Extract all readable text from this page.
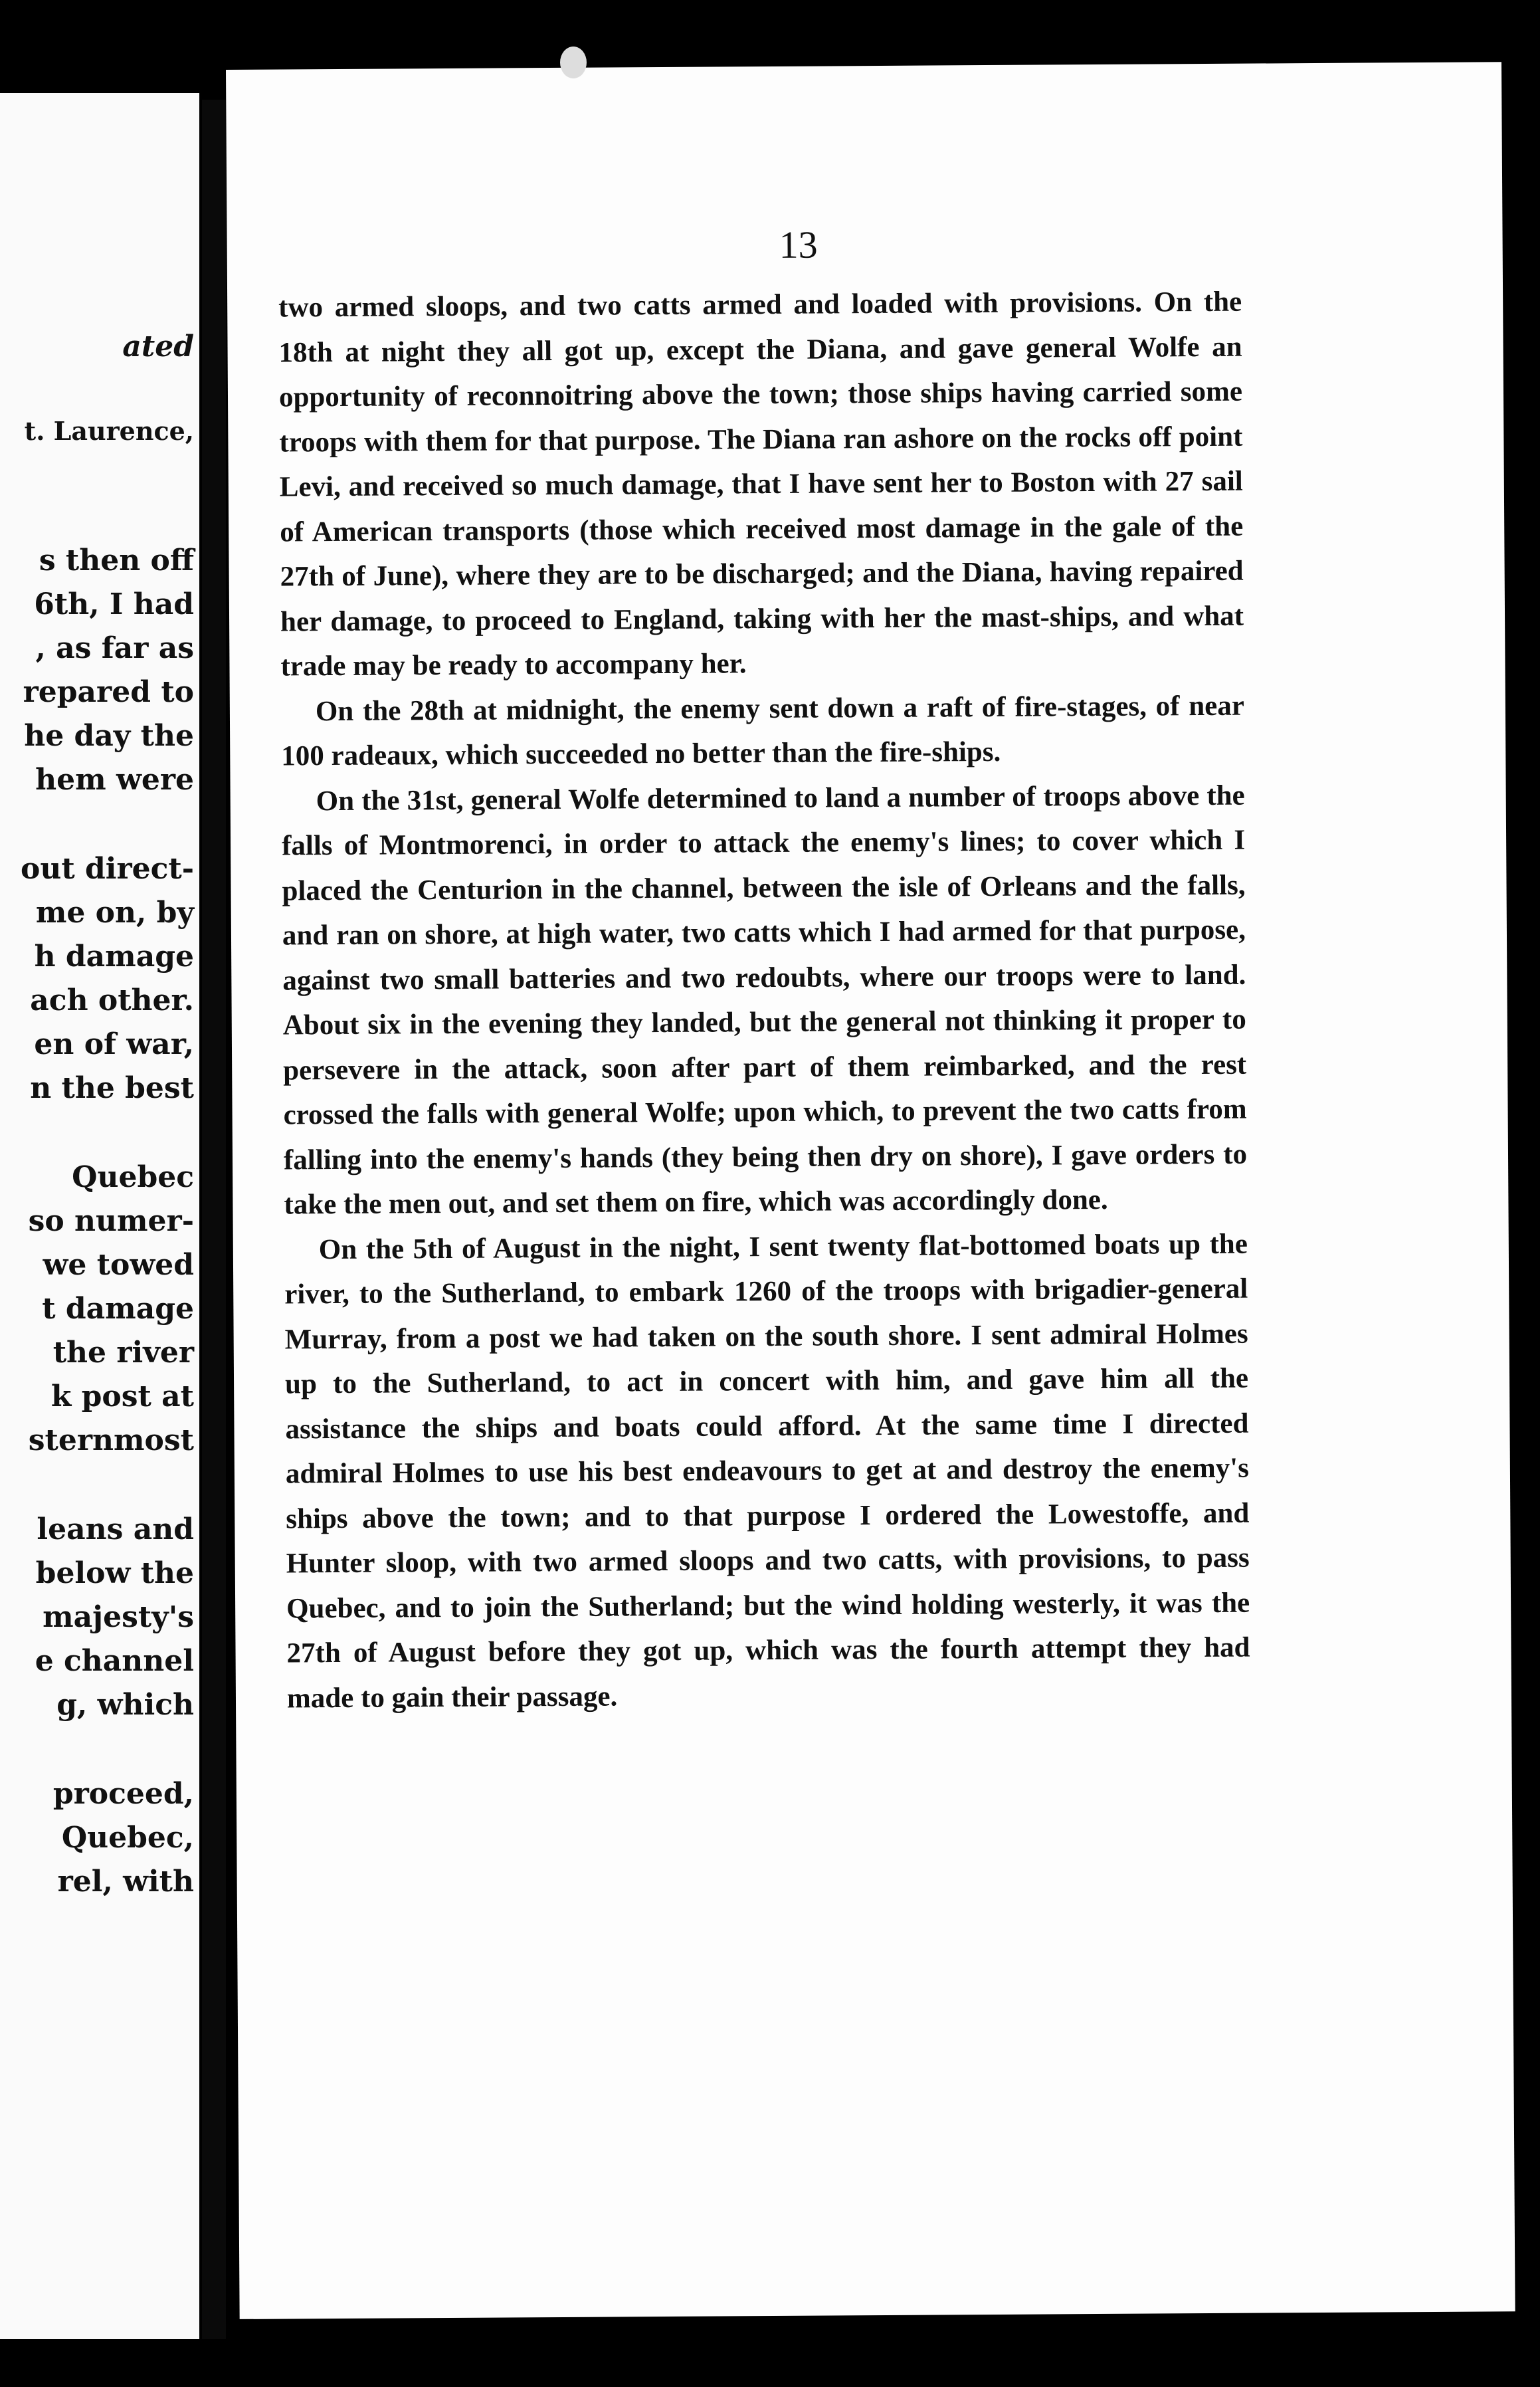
ated
t. Laurence,
s then off
6th, I had
, as far as
repared to
he day the
hem were
out direct-
me on, by
h damage
ach other.
en of war,
n the best
Quebec
so numer-
we towed
t damage
the river
k post at
sternmost
leans and
below the
majesty's
e channel
g, which
proceed,
Quebec,
rel, with
13

two armed sloops, and two catts armed and loaded with provisions. On the 18th at night they all got up, except the Diana, and gave general Wolfe an opportunity of reconnoitring above the town; those ships having carried some troops with them for that purpose. The Diana ran ashore on the rocks off point Levi, and received so much damage, that I have sent her to Boston with 27 sail of American transports (those which received most damage in the gale of the 27th of June), where they are to be discharged; and the Diana, having repaired her damage, to proceed to England, taking with her the mast-ships, and what trade may be ready to accompany her.

On the 28th at midnight, the enemy sent down a raft of fire-stages, of near 100 radeaux, which succeeded no better than the fire-ships.

On the 31st, general Wolfe determined to land a number of troops above the falls of Montmorenci, in order to attack the enemy's lines; to cover which I placed the Centurion in the channel, between the isle of Orleans and the falls, and ran on shore, at high water, two catts which I had armed for that purpose, against two small batteries and two redoubts, where our troops were to land. About six in the evening they landed, but the general not thinking it proper to persevere in the attack, soon after part of them reimbarked, and the rest crossed the falls with general Wolfe; upon which, to prevent the two catts from falling into the enemy's hands (they being then dry on shore), I gave orders to take the men out, and set them on fire, which was accordingly done.

On the 5th of August in the night, I sent twenty flat-bottomed boats up the river, to the Sutherland, to embark 1260 of the troops with brigadier-general Murray, from a post we had taken on the south shore. I sent admiral Holmes up to the Sutherland, to act in concert with him, and gave him all the assistance the ships and boats could afford. At the same time I directed admiral Holmes to use his best endeavours to get at and destroy the enemy's ships above the town; and to that purpose I ordered the Lowestoffe, and Hunter sloop, with two armed sloops and two catts, with provisions, to pass Quebec, and to join the Sutherland; but the wind holding westerly, it was the 27th of August before they got up, which was the fourth attempt they had made to gain their passage.
